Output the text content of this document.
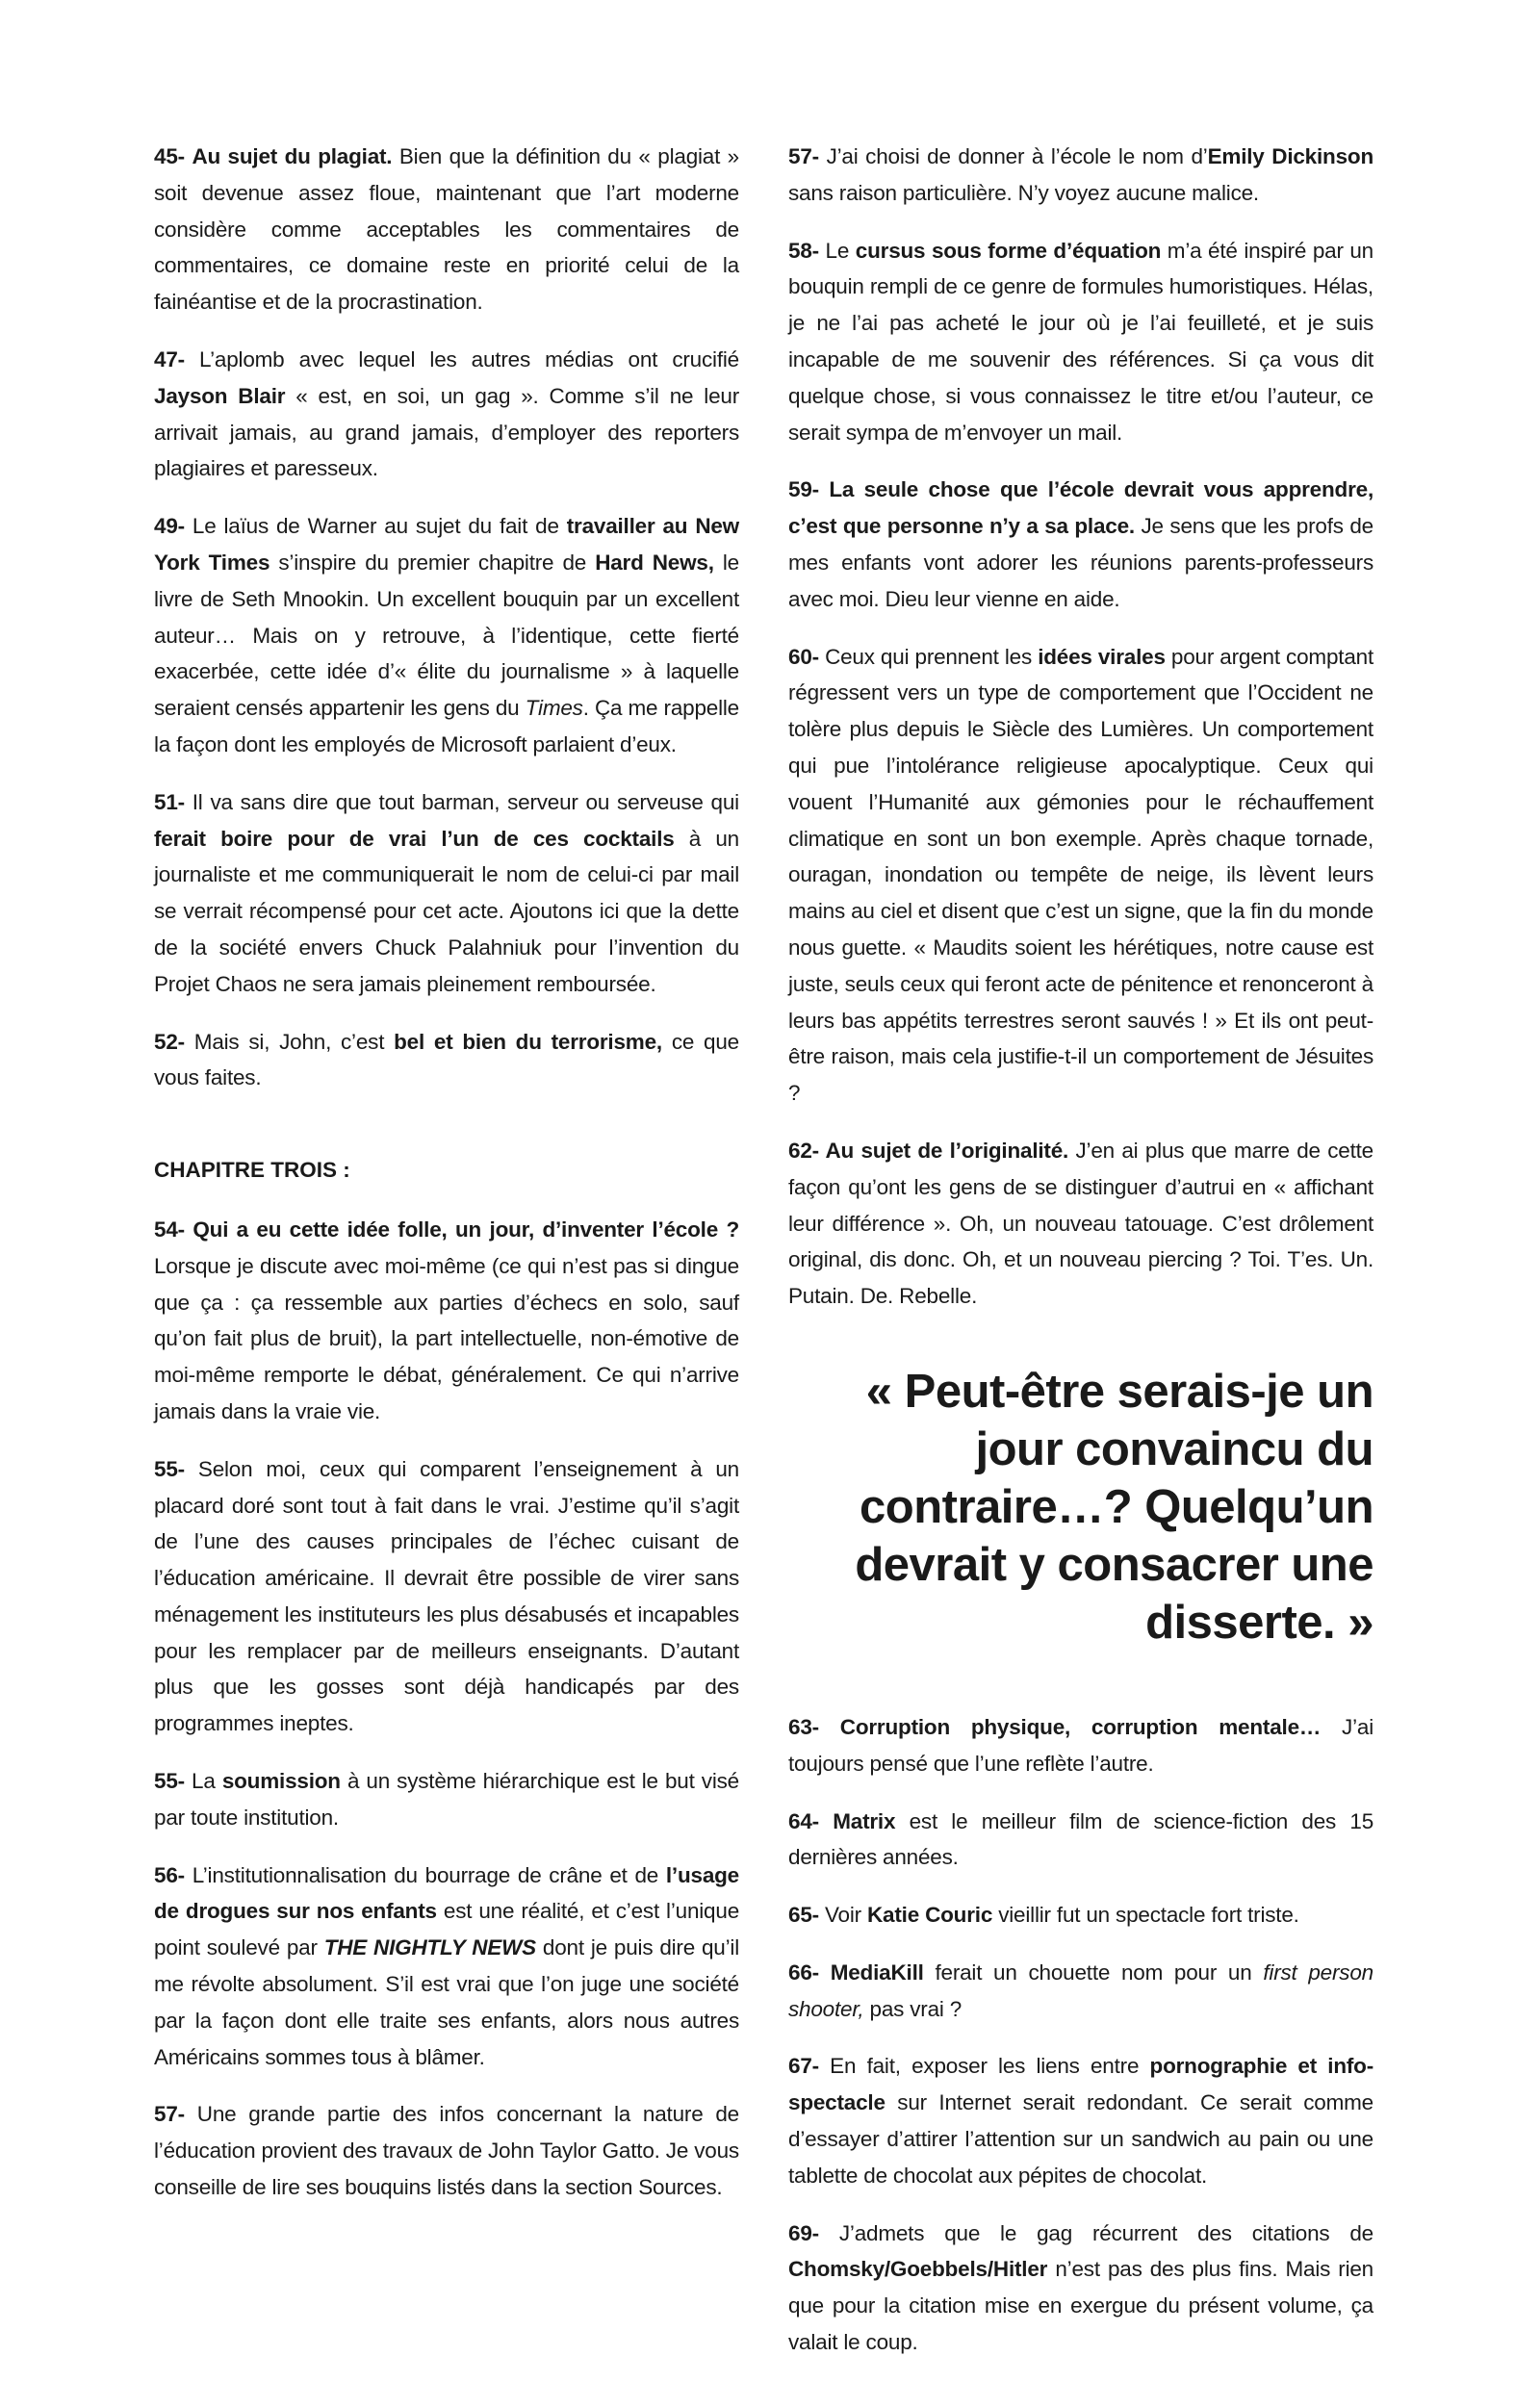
45- Au sujet du plagiat. Bien que la définition du « plagiat » soit devenue assez floue, maintenant que l’art moderne considère comme acceptables les commentaires de commentaires, ce domaine reste en priorité celui de la fainéantise et de la procrastination.

47- L’aplomb avec lequel les autres médias ont crucifié Jayson Blair « est, en soi, un gag ». Comme s’il ne leur arrivait jamais, au grand jamais, d’employer des reporters plagiaires et paresseux.

49- Le laïus de Warner au sujet du fait de travailler au New York Times s’inspire du premier chapitre de Hard News, le livre de Seth Mnookin. Un excellent bouquin par un excellent auteur… Mais on y retrouve, à l’identique, cette fierté exacerbée, cette idée d’« élite du journalisme » à laquelle seraient censés appartenir les gens du Times. Ça me rappelle la façon dont les employés de Microsoft parlaient d’eux.

51- Il va sans dire que tout barman, serveur ou serveuse qui ferait boire pour de vrai l’un de ces cocktails à un journaliste et me communiquerait le nom de celui-ci par mail se verrait récompensé pour cet acte. Ajoutons ici que la dette de la société envers Chuck Palahniuk pour l’invention du Projet Chaos ne sera jamais pleinement remboursée.

52- Mais si, John, c’est bel et bien du terrorisme, ce que vous faites.

CHAPITRE TROIS :

54- Qui a eu cette idée folle, un jour, d’inventer l’école ? Lorsque je discute avec moi-même (ce qui n’est pas si dingue que ça : ça ressemble aux parties d’échecs en solo, sauf qu’on fait plus de bruit), la part intellectuelle, non-émotive de moi-même remporte le débat, généralement. Ce qui n’arrive jamais dans la vraie vie.

55- Selon moi, ceux qui comparent l’enseignement à un placard doré sont tout à fait dans le vrai. J’estime qu’il s’agit de l’une des causes principales de l’échec cuisant de l’éducation américaine. Il devrait être possible de virer sans ménagement les instituteurs les plus désabusés et incapables pour les remplacer par de meilleurs enseignants. D’autant plus que les gosses sont déjà handicapés par des programmes ineptes.

55- La soumission à un système hiérarchique est le but visé par toute institution.

56- L’institutionnalisation du bourrage de crâne et de l’usage de drogues sur nos enfants est une réalité, et c’est l’unique point soulevé par THE NIGHTLY NEWS dont je puis dire qu’il me révolte absolument. S’il est vrai que l’on juge une société par la façon dont elle traite ses enfants, alors nous autres Américains sommes tous à blâmer.

57- Une grande partie des infos concernant la nature de l’éducation provient des travaux de John Taylor Gatto. Je vous conseille de lire ses bouquins listés dans la section Sources.

57- J’ai choisi de donner à l’école le nom d’Emily Dickinson sans raison particulière. N’y voyez aucune malice.

58- Le cursus sous forme d’équation m’a été inspiré par un bouquin rempli de ce genre de formules humoristiques. Hélas, je ne l’ai pas acheté le jour où je l’ai feuilleté, et je suis incapable de me souvenir des références. Si ça vous dit quelque chose, si vous connaissez le titre et/ou l’auteur, ce serait sympa de m’envoyer un mail.

59- La seule chose que l’école devrait vous apprendre, c’est que personne n’y a sa place. Je sens que les profs de mes enfants vont adorer les réunions parents-professeurs avec moi. Dieu leur vienne en aide.

60- Ceux qui prennent les idées virales pour argent comptant régressent vers un type de comportement que l’Occident ne tolère plus depuis le Siècle des Lumières. Un comportement qui pue l’intolérance religieuse apocalyptique. Ceux qui vouent l’Humanité aux gémonies pour le réchauffement climatique en sont un bon exemple. Après chaque tornade, ouragan, inondation ou tempête de neige, ils lèvent leurs mains au ciel et disent que c’est un signe, que la fin du monde nous guette. « Maudits soient les hérétiques, notre cause est juste, seuls ceux qui feront acte de pénitence et renonceront à leurs bas appétits terrestres seront sauvés ! » Et ils ont peut-être raison, mais cela justifie-t-il un comportement de Jésuites ?

62- Au sujet de l’originalité. J’en ai plus que marre de cette façon qu’ont les gens de se distinguer d’autrui en « affichant leur différence ». Oh, un nouveau tatouage. C’est drôlement original, dis donc. Oh, et un nouveau piercing ? Toi. T’es. Un. Putain. De. Rebelle.

« Peut-être serais-je un jour convaincu du contraire…? Quelqu’un devrait y consacrer une disserte. »

63- Corruption physique, corruption mentale… J’ai toujours pensé que l’une reflète l’autre.

64- Matrix est le meilleur film de science-fiction des 15 dernières années.

65- Voir Katie Couric vieillir fut un spectacle fort triste.

66- MediaKill ferait un chouette nom pour un first person shooter, pas vrai ?

67- En fait, exposer les liens entre pornographie et info-spectacle sur Internet serait redondant. Ce serait comme d’essayer d’attirer l’attention sur un sandwich au pain ou une tablette de chocolat aux pépites de chocolat.

69- J’admets que le gag récurrent des citations de Chomsky/Goebbels/Hitler n’est pas des plus fins. Mais rien que pour la citation mise en exergue du présent volume, ça valait le coup.
